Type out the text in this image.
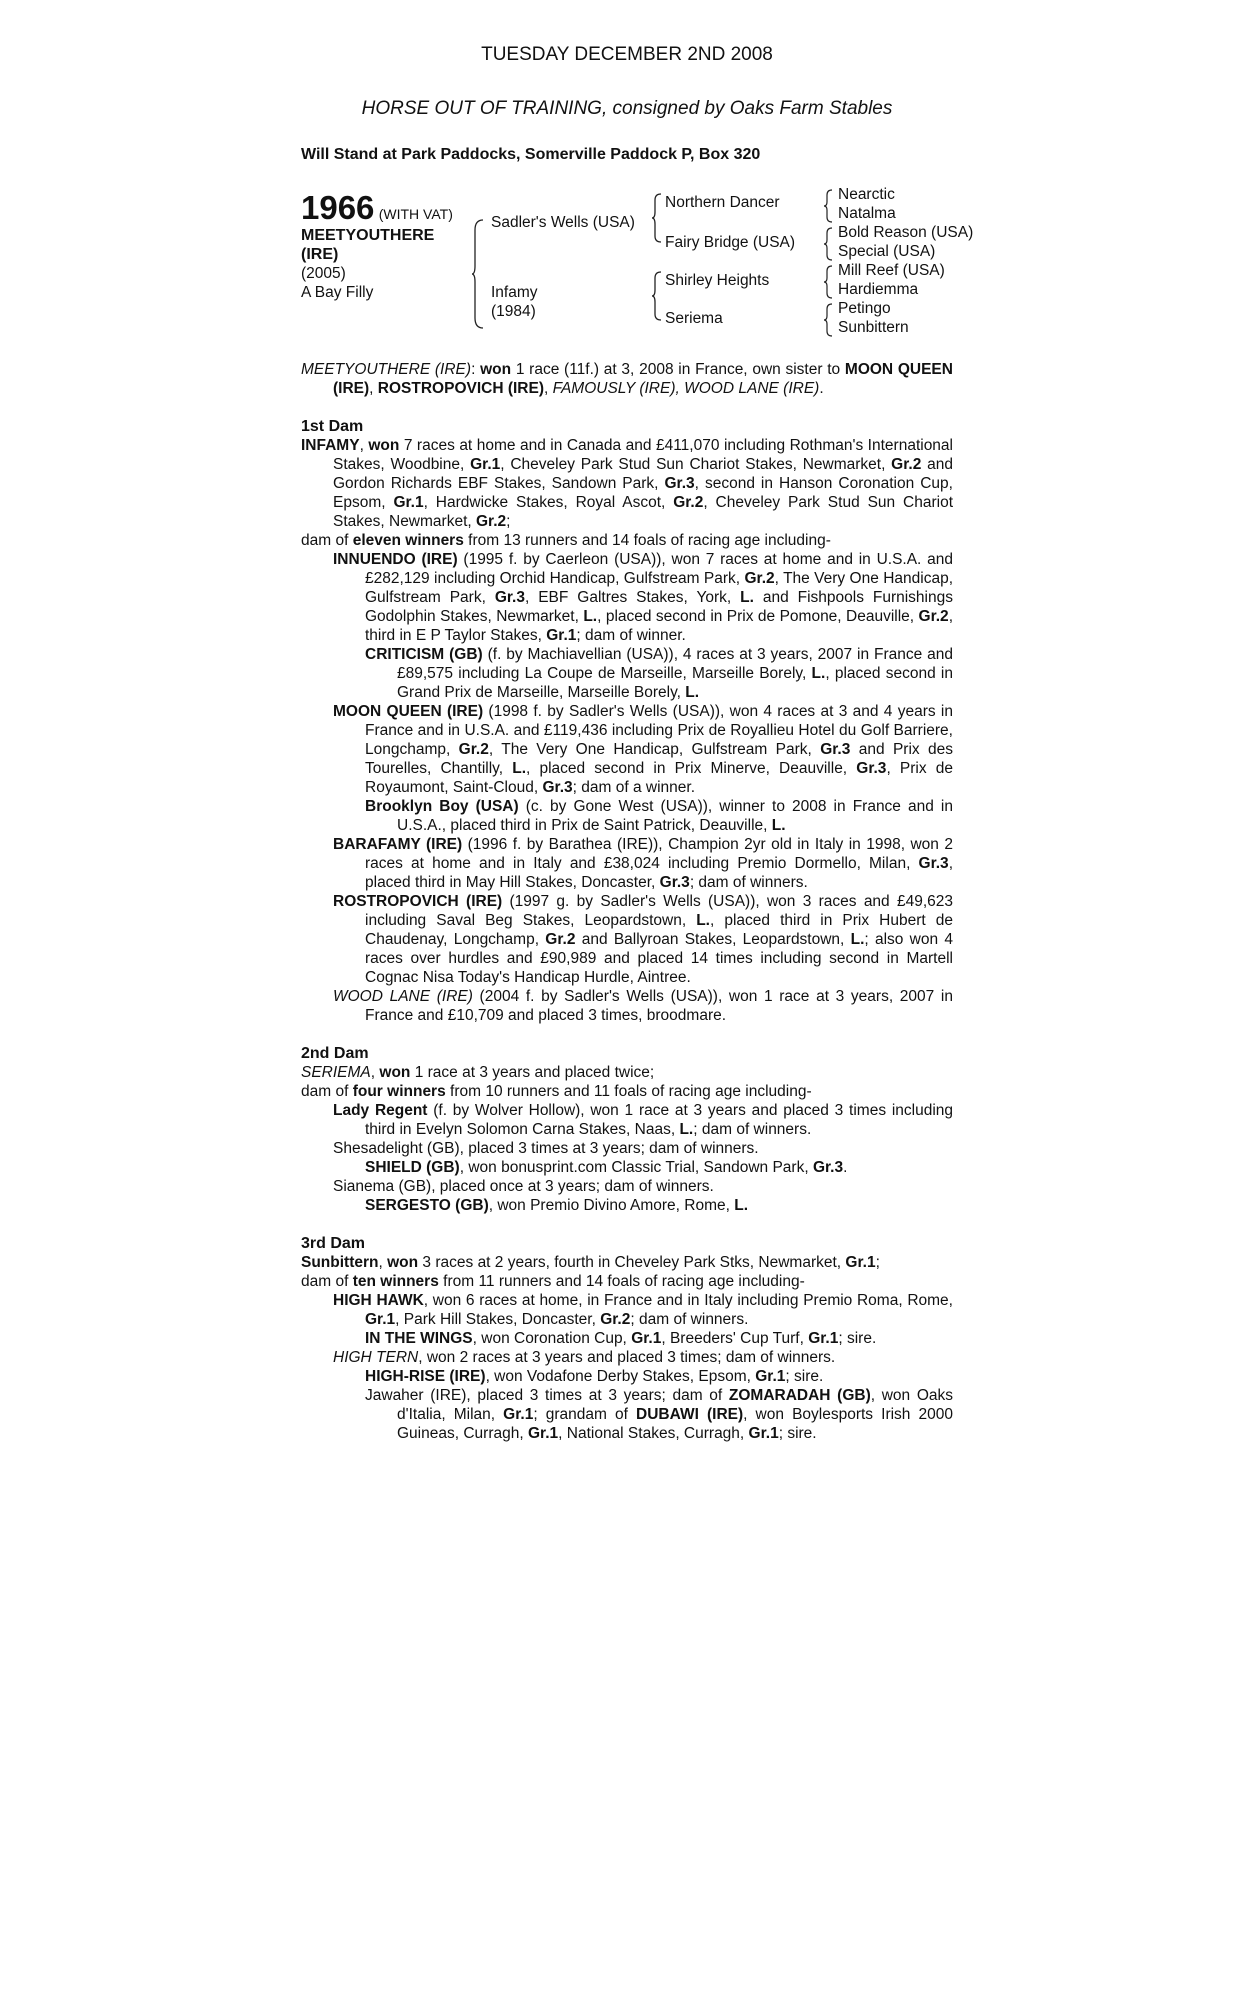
TUESDAY DECEMBER 2ND 2008
HORSE OUT OF TRAINING, consigned by Oaks Farm Stables
Will Stand at Park Paddocks, Somerville Paddock P, Box 320
1966 (WITH VAT)
MEETYOUTHERE
(IRE)
(2005)
A Bay Filly
Sadler's Wells (USA)
Infamy
(1984)
Northern Dancer
Fairy Bridge (USA)
Shirley Heights
Seriema
Nearctic
Natalma
Bold Reason (USA)
Special (USA)
Mill Reef (USA)
Hardiemma
Petingo
Sunbittern

MEETYOUTHERE (IRE): won 1 race (11f.) at 3, 2008 in France, own sister to MOON QUEEN (IRE), ROSTROPOVICH (IRE), FAMOUSLY (IRE), WOOD LANE (IRE).

1st Dam

INFAMY, won 7 races at home and in Canada and £411,070 including Rothman's International Stakes, Woodbine, Gr.1, Cheveley Park Stud Sun Chariot Stakes, Newmarket, Gr.2 and Gordon Richards EBF Stakes, Sandown Park, Gr.3, second in Hanson Coronation Cup, Epsom, Gr.1, Hardwicke Stakes, Royal Ascot, Gr.2, Cheveley Park Stud Sun Chariot Stakes, Newmarket, Gr.2;

dam of eleven winners from 13 runners and 14 foals of racing age including-

INNUENDO (IRE) (1995 f. by Caerleon (USA)), won 7 races at home and in U.S.A. and £282,129 including Orchid Handicap, Gulfstream Park, Gr.2, The Very One Handicap, Gulfstream Park, Gr.3, EBF Galtres Stakes, York, L. and Fishpools Furnishings Godolphin Stakes, Newmarket, L., placed second in Prix de Pomone, Deauville, Gr.2, third in E P Taylor Stakes, Gr.1; dam of winner.

CRITICISM (GB) (f. by Machiavellian (USA)), 4 races at 3 years, 2007 in France and £89,575 including La Coupe de Marseille, Marseille Borely, L., placed second in Grand Prix de Marseille, Marseille Borely, L.

MOON QUEEN (IRE) (1998 f. by Sadler's Wells (USA)), won 4 races at 3 and 4 years in France and in U.S.A. and £119,436 including Prix de Royallieu Hotel du Golf Barriere, Longchamp, Gr.2, The Very One Handicap, Gulfstream Park, Gr.3 and Prix des Tourelles, Chantilly, L., placed second in Prix Minerve, Deauville, Gr.3, Prix de Royaumont, Saint-Cloud, Gr.3; dam of a winner.

Brooklyn Boy (USA) (c. by Gone West (USA)), winner to 2008 in France and in U.S.A., placed third in Prix de Saint Patrick, Deauville, L.

BARAFAMY (IRE) (1996 f. by Barathea (IRE)), Champion 2yr old in Italy in 1998, won 2 races at home and in Italy and £38,024 including Premio Dormello, Milan, Gr.3, placed third in May Hill Stakes, Doncaster, Gr.3; dam of winners.

ROSTROPOVICH (IRE) (1997 g. by Sadler's Wells (USA)), won 3 races and £49,623 including Saval Beg Stakes, Leopardstown, L., placed third in Prix Hubert de Chaudenay, Longchamp, Gr.2 and Ballyroan Stakes, Leopardstown, L.; also won 4 races over hurdles and £90,989 and placed 14 times including second in Martell Cognac Nisa Today's Handicap Hurdle, Aintree.

WOOD LANE (IRE) (2004 f. by Sadler's Wells (USA)), won 1 race at 3 years, 2007 in France and £10,709 and placed 3 times, broodmare.

2nd Dam

SERIEMA, won 1 race at 3 years and placed twice;

dam of four winners from 10 runners and 11 foals of racing age including-

Lady Regent (f. by Wolver Hollow), won 1 race at 3 years and placed 3 times including third in Evelyn Solomon Carna Stakes, Naas, L.; dam of winners.

Shesadelight (GB), placed 3 times at 3 years; dam of winners.

SHIELD (GB), won bonusprint.com Classic Trial, Sandown Park, Gr.3.

Sianema (GB), placed once at 3 years; dam of winners.

SERGESTO (GB), won Premio Divino Amore, Rome, L.

3rd Dam

Sunbittern, won 3 races at 2 years, fourth in Cheveley Park Stks, Newmarket, Gr.1;

dam of ten winners from 11 runners and 14 foals of racing age including-

HIGH HAWK, won 6 races at home, in France and in Italy including Premio Roma, Rome, Gr.1, Park Hill Stakes, Doncaster, Gr.2; dam of winners.

IN THE WINGS, won Coronation Cup, Gr.1, Breeders' Cup Turf, Gr.1; sire.

HIGH TERN, won 2 races at 3 years and placed 3 times; dam of winners.

HIGH-RISE (IRE), won Vodafone Derby Stakes, Epsom, Gr.1; sire.

Jawaher (IRE), placed 3 times at 3 years; dam of ZOMARADAH (GB), won Oaks d'Italia, Milan, Gr.1; grandam of DUBAWI (IRE), won Boylesports Irish 2000 Guineas, Curragh, Gr.1, National Stakes, Curragh, Gr.1; sire.
